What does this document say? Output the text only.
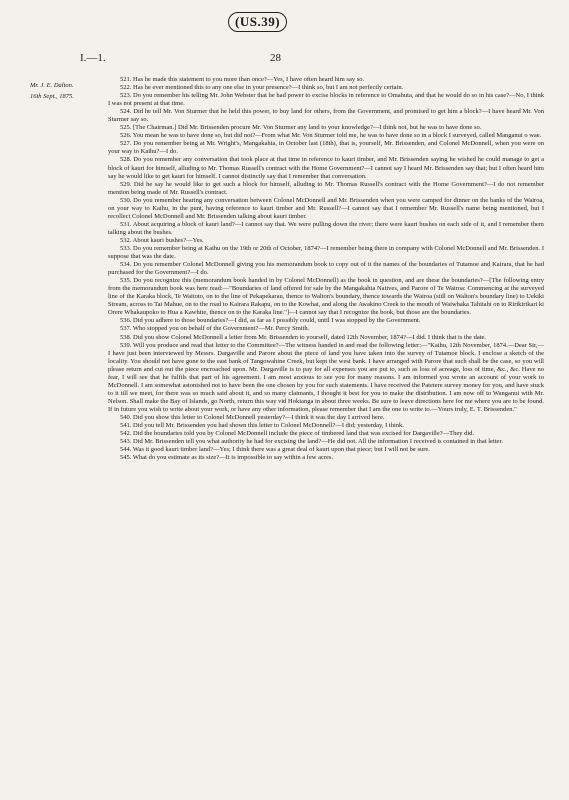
(US.39)
I.—1.	28
Mr. J. E. Dalton.
16th Sept., 1875.

521. Has he made this statement to you more than once?—Yes, I have often heard him say so.

522. Has he ever mentioned this to any one else in your presence?—I think so, but I am not perfectly certain.

523. Do you remember his telling Mr. John Webster that he had power to excise blocks in reference to Omahuta, and that he would do so in his case?—No, I think I was not present at that time.

524. Did he tell Mr. Von Sturmer that he held this power, to buy land for others, from the Government, and promised to get him a block?—I have heard Mr. Von Sturmer say so.

525. [The Chairman.] Did Mr. Brissenden procure Mr. Von Sturmer any land to your knowledge?—I think not, but he was to have done so.

526. You mean he was to have done so, but did not?—From what Mr. Von Sturmer told me, he was to have done so in a block I surveyed, called Manganui o wae.

527. Do you remember being at Mr. Wright's, Mangakahia, in October last (18th), that is, yourself, Mr. Brissenden, and Colonel McDonnell, when you were on your way to Kaihu?—I do.

528. Do you remember any conversation that took place at that time in reference to kauri timber, and Mr. Brissenden saying he wished he could manage to get a block of kauri for himself, alluding to Mr. Thomas Russell's contract with the Home Government?—I cannot say I heard Mr. Brissenden say that; but I often heard him say he would like to get kauri for himself. I cannot distinctly say that I remember that conversation.

529. Did he say he would like to get such a block for himself, alluding to Mr. Thomas Russell's contract with the Home Government?—I do not remember mention being made of Mr. Russell's contract.

530. Do you remember hearing any conversation between Colonel McDonnell and Mr. Brissenden when you were camped for dinner on the banks of the Wairoa, on your way to Kaihu, in the punt, having reference to kauri timber and Mr. Russell?—I cannot say that I remember Mr. Russell's name being mentioned, but I recollect Colonel McDonnell and Mr. Brissenden talking about kauri timber.

531. About acquiring a block of kauri land?—I cannot say that. We were pulling down the river; there were kauri bushes on each side of it, and I remember them talking about the bushes.

532. About kauri bushes?—Yes.

533. Do you remember being at Kaihu on the 19th or 20th of October, 1874?—I remember being there in company with Colonel McDonnell and Mr. Brissenden. I suppose that was the date.

534. Do you remember Colonel McDonnell giving you his memorandum book to copy out of it the names of the boundaries of Tutamoe and Kairara, that he had purchased for the Government?—I do.

535. Do you recognize this (memorandum book handed in by Colonel McDonnell) as the book in question, and are these the boundaries?—[The following entry from the memorandum book was here read:—"Boundaries of land offered for sale by the Mangakahia Natives, and Parore of Te Wairoa: Commencing at the surveyed line of the Karaka block, Te Waitoto, on to the line of Pekapekarau, thence to Walton's boundary, thence towards the Wairoa (still on Walton's boundary line) to Uekiki Stream, across to Tai Mahue, on to the road to Kairara Rakapu, on to the Kowhai, and along the Awakino Creek to the mouth of Waiwhaka Tahitahi on to Ririkirikari ki Orere Whakaupoko to Hua a Kawhite, thence on to the Karaka line."]—I cannot say that I recognize the book, but those are the boundaries.

536. Did you adhere to those boundaries?—I did, as far as I possibly could, until I was stopped by the Government.

537. Who stopped you on behalf of the Government?—Mr. Percy Smith.

538. Did you show Colonel McDonnell a letter from Mr. Brissenden to yourself, dated 12th November, 1874?—I did. I think that is the date.

539. Will you produce and read that letter to the Committee?—The witness handed in and read the following letter:—"Kaihu, 12th November, 1874.—Dear Sir,—I have just been interviewed by Messrs. Dargaville and Parore about the piece of land you have taken into the survey of Tutamoe block. I enclose a sketch of the locality. You should not have gone to the east bank of Tangowahine Creek, but kept the west bank. I have arranged with Parore that such shall be the case, so you will please return and cut out the piece encroached upon. Mr. Dargaville is to pay for all expenses you are put to, such as loss of acreage, loss of time, &c., &c. Have no fear, I will see that he fulfils that part of his agreement. I am most anxious to see you for many reasons. I am informed you wrote an account of your work to McDonnell. I am somewhat astonished not to have been the one chosen by you for such statements. I have received the Patetere survey money for you, and have stuck to it till we meet, for there was so much said about it, and so many claimants, I thought it best for you to make the distribution. I am now off to Wanganui with Mr. Nelson. Shall make the Bay of Islands, go North, return this way vid Hokianga in about three weeks. Be sure to leave directions here for me where you are to be found. If in future you wish to write about your work, or have any other information, please remember that I am the one to write to.—Yours truly, E. T. Brissenden."

540. Did you show this letter to Colonel McDonnell yesterday?—I think it was the day I arrived here.

541. Did you tell Mr. Brissenden you had shown this letter to Colonel McDonnell?—I did; yesterday, I think.

542. Did the boundaries told you by Colonel McDonnell include the piece of timbered land that was excised for Dargaville?—They did.

543. Did Mr. Brissenden tell you what authority he had for excising the land?—He did not. All the information I received is contained in that letter.

544. Was it good kauri timber land?—Yes; I think there was a great deal of kauri upon that piece; but I will not be sure.

545. What do you estimate as its size?—It is impossible to say within a few acres.
